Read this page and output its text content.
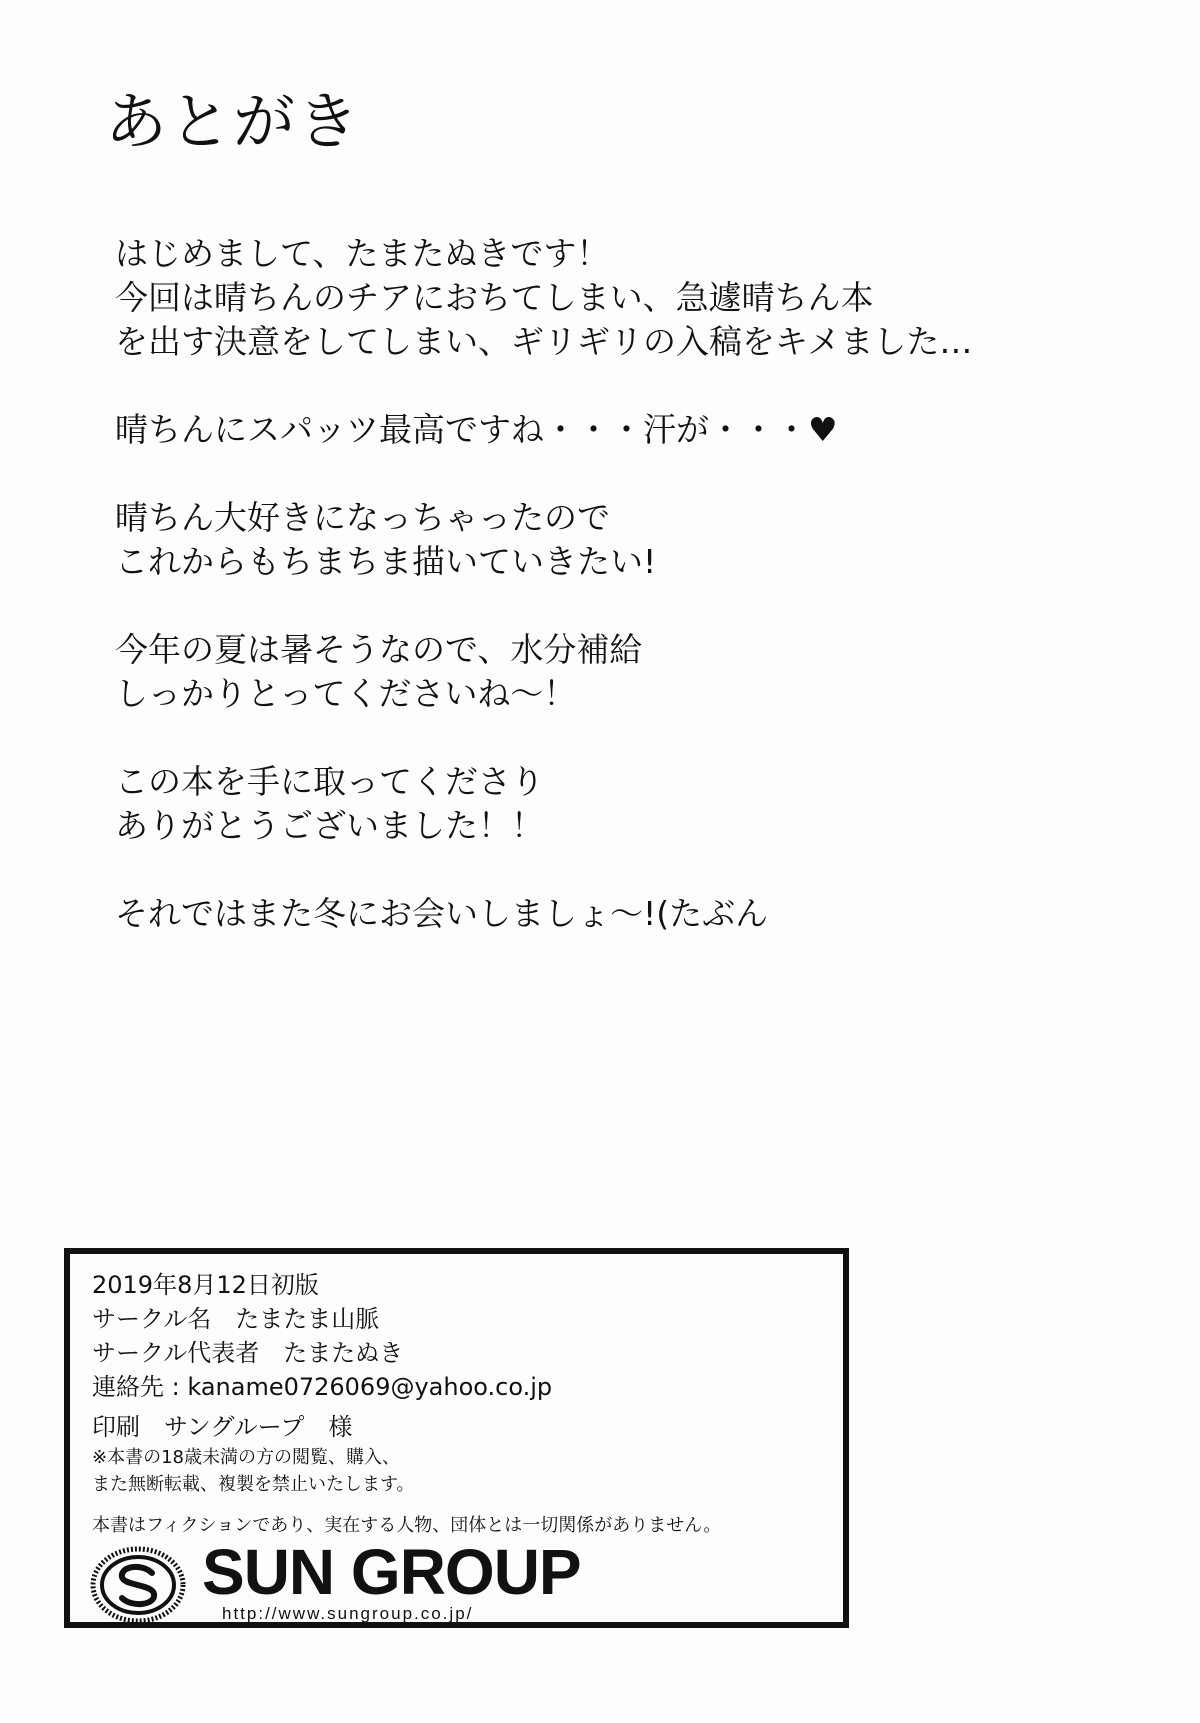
あとがき
はじめまして、たまたぬきです！
今回は晴ちんのチアにおちてしまい、急遽晴ちん本
を出す決意をしてしまい、ギリギリの入稿をキメました…
晴ちんにスパッツ最高ですね・・・汗が・・・♥
晴ちん大好きになっちゃったので
これからもちまちま描いていきたい!
今年の夏は暑そうなので、水分補給
しっかりとってくださいね～！
この本を手に取ってくださり
ありがとうございました！！
それではまた冬にお会いしましょ～!(たぶん
2019年8月12日初版
サークル名　たまたま山脈
サークル代表者　たまたぬき
連絡先 : kaname0726069@yahoo.co.jp
印刷　サングループ　様
※本書の18歳未満の方の閲覧、購入、
また無断転載、複製を禁止いたします。
本書はフィクションであり、実在する人物、団体とは一切関係がありません。
SUN GROUP
http://www.sungroup.co.jp/
